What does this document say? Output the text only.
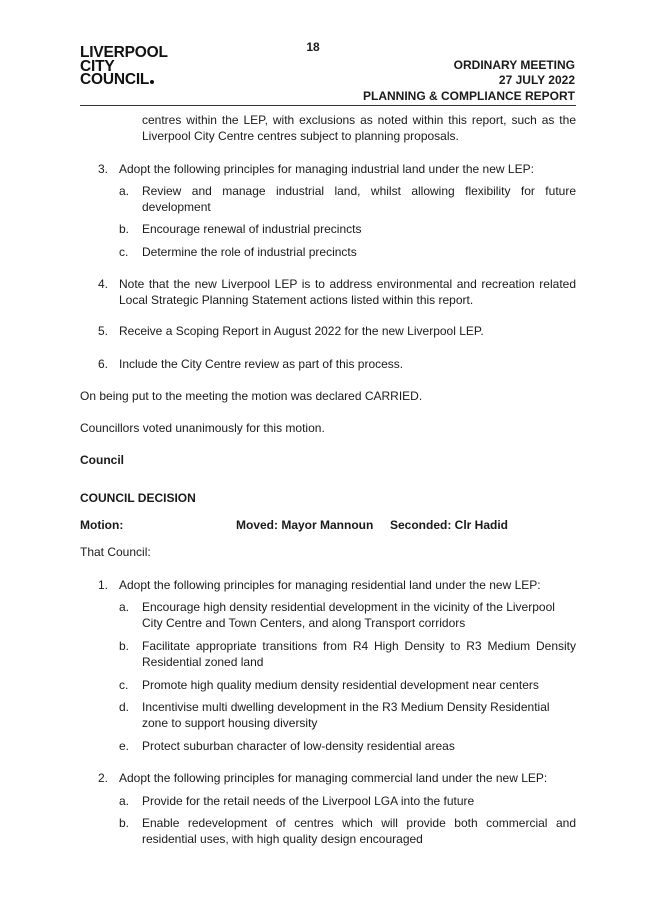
18
LIVERPOOL
CITY
COUNCIL
ORDINARY MEETING
27 JULY 2022
PLANNING & COMPLIANCE REPORT
centres within the LEP, with exclusions as noted within this report, such as the Liverpool City Centre centres subject to planning proposals.
3. Adopt the following principles for managing industrial land under the new LEP:
a. Review and manage industrial land, whilst allowing flexibility for future development
b. Encourage renewal of industrial precincts
c. Determine the role of industrial precincts
4. Note that the new Liverpool LEP is to address environmental and recreation related Local Strategic Planning Statement actions listed within this report.
5. Receive a Scoping Report in August 2022 for the new Liverpool LEP.
6. Include the City Centre review as part of this process.
On being put to the meeting the motion was declared CARRIED.
Councillors voted unanimously for this motion.
Council
COUNCIL DECISION
Motion:	Moved: Mayor Mannoun Seconded: Clr Hadid
That Council:
1. Adopt the following principles for managing residential land under the new LEP:
a. Encourage high density residential development in the vicinity of the Liverpool City Centre and Town Centers, and along Transport corridors
b. Facilitate appropriate transitions from R4 High Density to R3 Medium Density Residential zoned land
c. Promote high quality medium density residential development near centers
d. Incentivise multi dwelling development in the R3 Medium Density Residential zone to support housing diversity
e. Protect suburban character of low-density residential areas
2. Adopt the following principles for managing commercial land under the new LEP:
a. Provide for the retail needs of the Liverpool LGA into the future
b. Enable redevelopment of centres which will provide both commercial and residential uses, with high quality design encouraged
